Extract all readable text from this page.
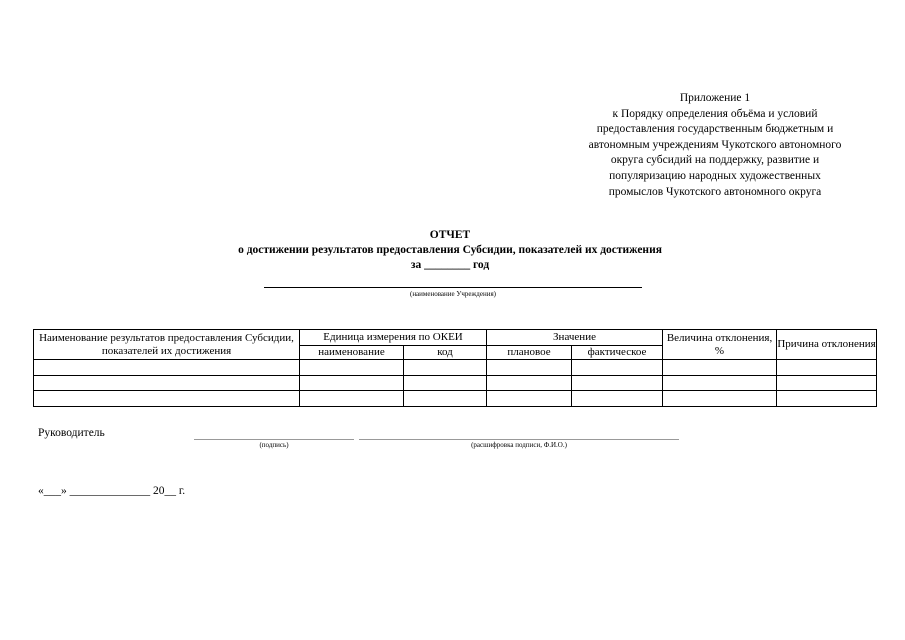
Приложение 1
к Порядку определения объёма и условий
предоставления государственным бюджетным и
автономным учреждениям Чукотского автономного
округа субсидий на поддержку, развитие и
популяризацию народных художественных
промыслов Чукотского автономного округа
ОТЧЕТ
о достижении результатов предоставления Субсидии, показателей их достижения
за ________ год
(наименование Учреждения)
Наименование результатов предоставления Субсидии, показателей их достижения	Единица измерения по ОКЕИ		Значение		Величина отклонения, %	Причина отклонения
	наименование	код	плановое	фактическое		

Руководитель
(подпись)	(расшифровка подписи, Ф.И.О.)
«___» ______________ 20__ г.
